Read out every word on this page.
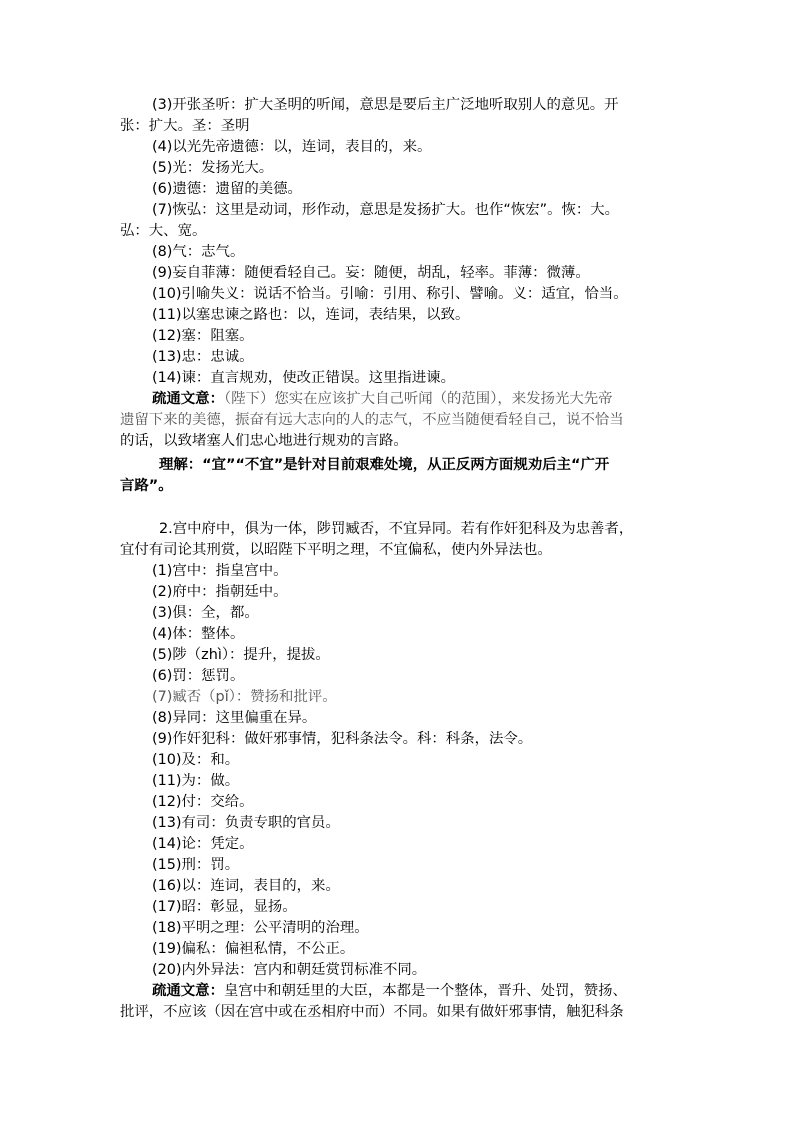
(3)开张圣听：扩大圣明的听闻，意思是要后主广泛地听取别人的意见。开
张：扩大。圣：圣明
(4)以光先帝遗德：以，连词，表目的，来。
(5)光：发扬光大。
(6)遗德：遗留的美德。
(7)恢弘：这里是动词，形作动，意思是发扬扩大。也作“恢宏”。恢：大。
弘：大、宽。
(8)气：志气。
(9)妄自菲薄：随便看轻自己。妄：随便，胡乱，轻率。菲薄：微薄。
(10)引喻失义：说话不恰当。引喻：引用、称引、譬喻。义：适宜，恰当。
(11)以塞忠谏之路也：以，连词，表结果，以致。
(12)塞：阻塞。
(13)忠：忠诚。
(14)谏：直言规劝，使改正错误。这里指进谏。
疏通文意：（陛下）您实在应该扩大自己听闻（的范围），来发扬光大先帝
遗留下来的美德，振奋有远大志向的人的志气，不应当随便看轻自己，说不恰当
的话，以致堵塞人们忠心地进行规劝的言路。
理解：“宜”“不宜”是针对目前艰难处境，从正反两方面规劝后主“广开
言路”。
2.宫中府中，俱为一体，陟罚臧否，不宜异同。若有作奸犯科及为忠善者，
宜付有司论其刑赏，以昭陛下平明之理，不宜偏私，使内外异法也。
(1)宫中：指皇宫中。
(2)府中：指朝廷中。
(3)俱：全，都。
(4)体：整体。
(5)陟（zhì）：提升，提拔。
(6)罚：惩罚。
(7)臧否（pǐ）：赞扬和批评。
(8)异同：这里偏重在异。
(9)作奸犯科：做奸邪事情，犯科条法令。科：科条，法令。
(10)及：和。
(11)为：做。
(12)付：交给。
(13)有司：负责专职的官员。
(14)论：凭定。
(15)刑：罚。
(16)以：连词，表目的，来。
(17)昭：彰显，显扬。
(18)平明之理：公平清明的治理。
(19)偏私：偏袒私情，不公正。
(20)内外异法：宫内和朝廷赏罚标准不同。
疏通文意：皇宫中和朝廷里的大臣，本都是一个整体，晋升、处罚，赞扬、
批评，不应该（因在宫中或在丞相府中而）不同。如果有做奸邪事情，触犯科条
